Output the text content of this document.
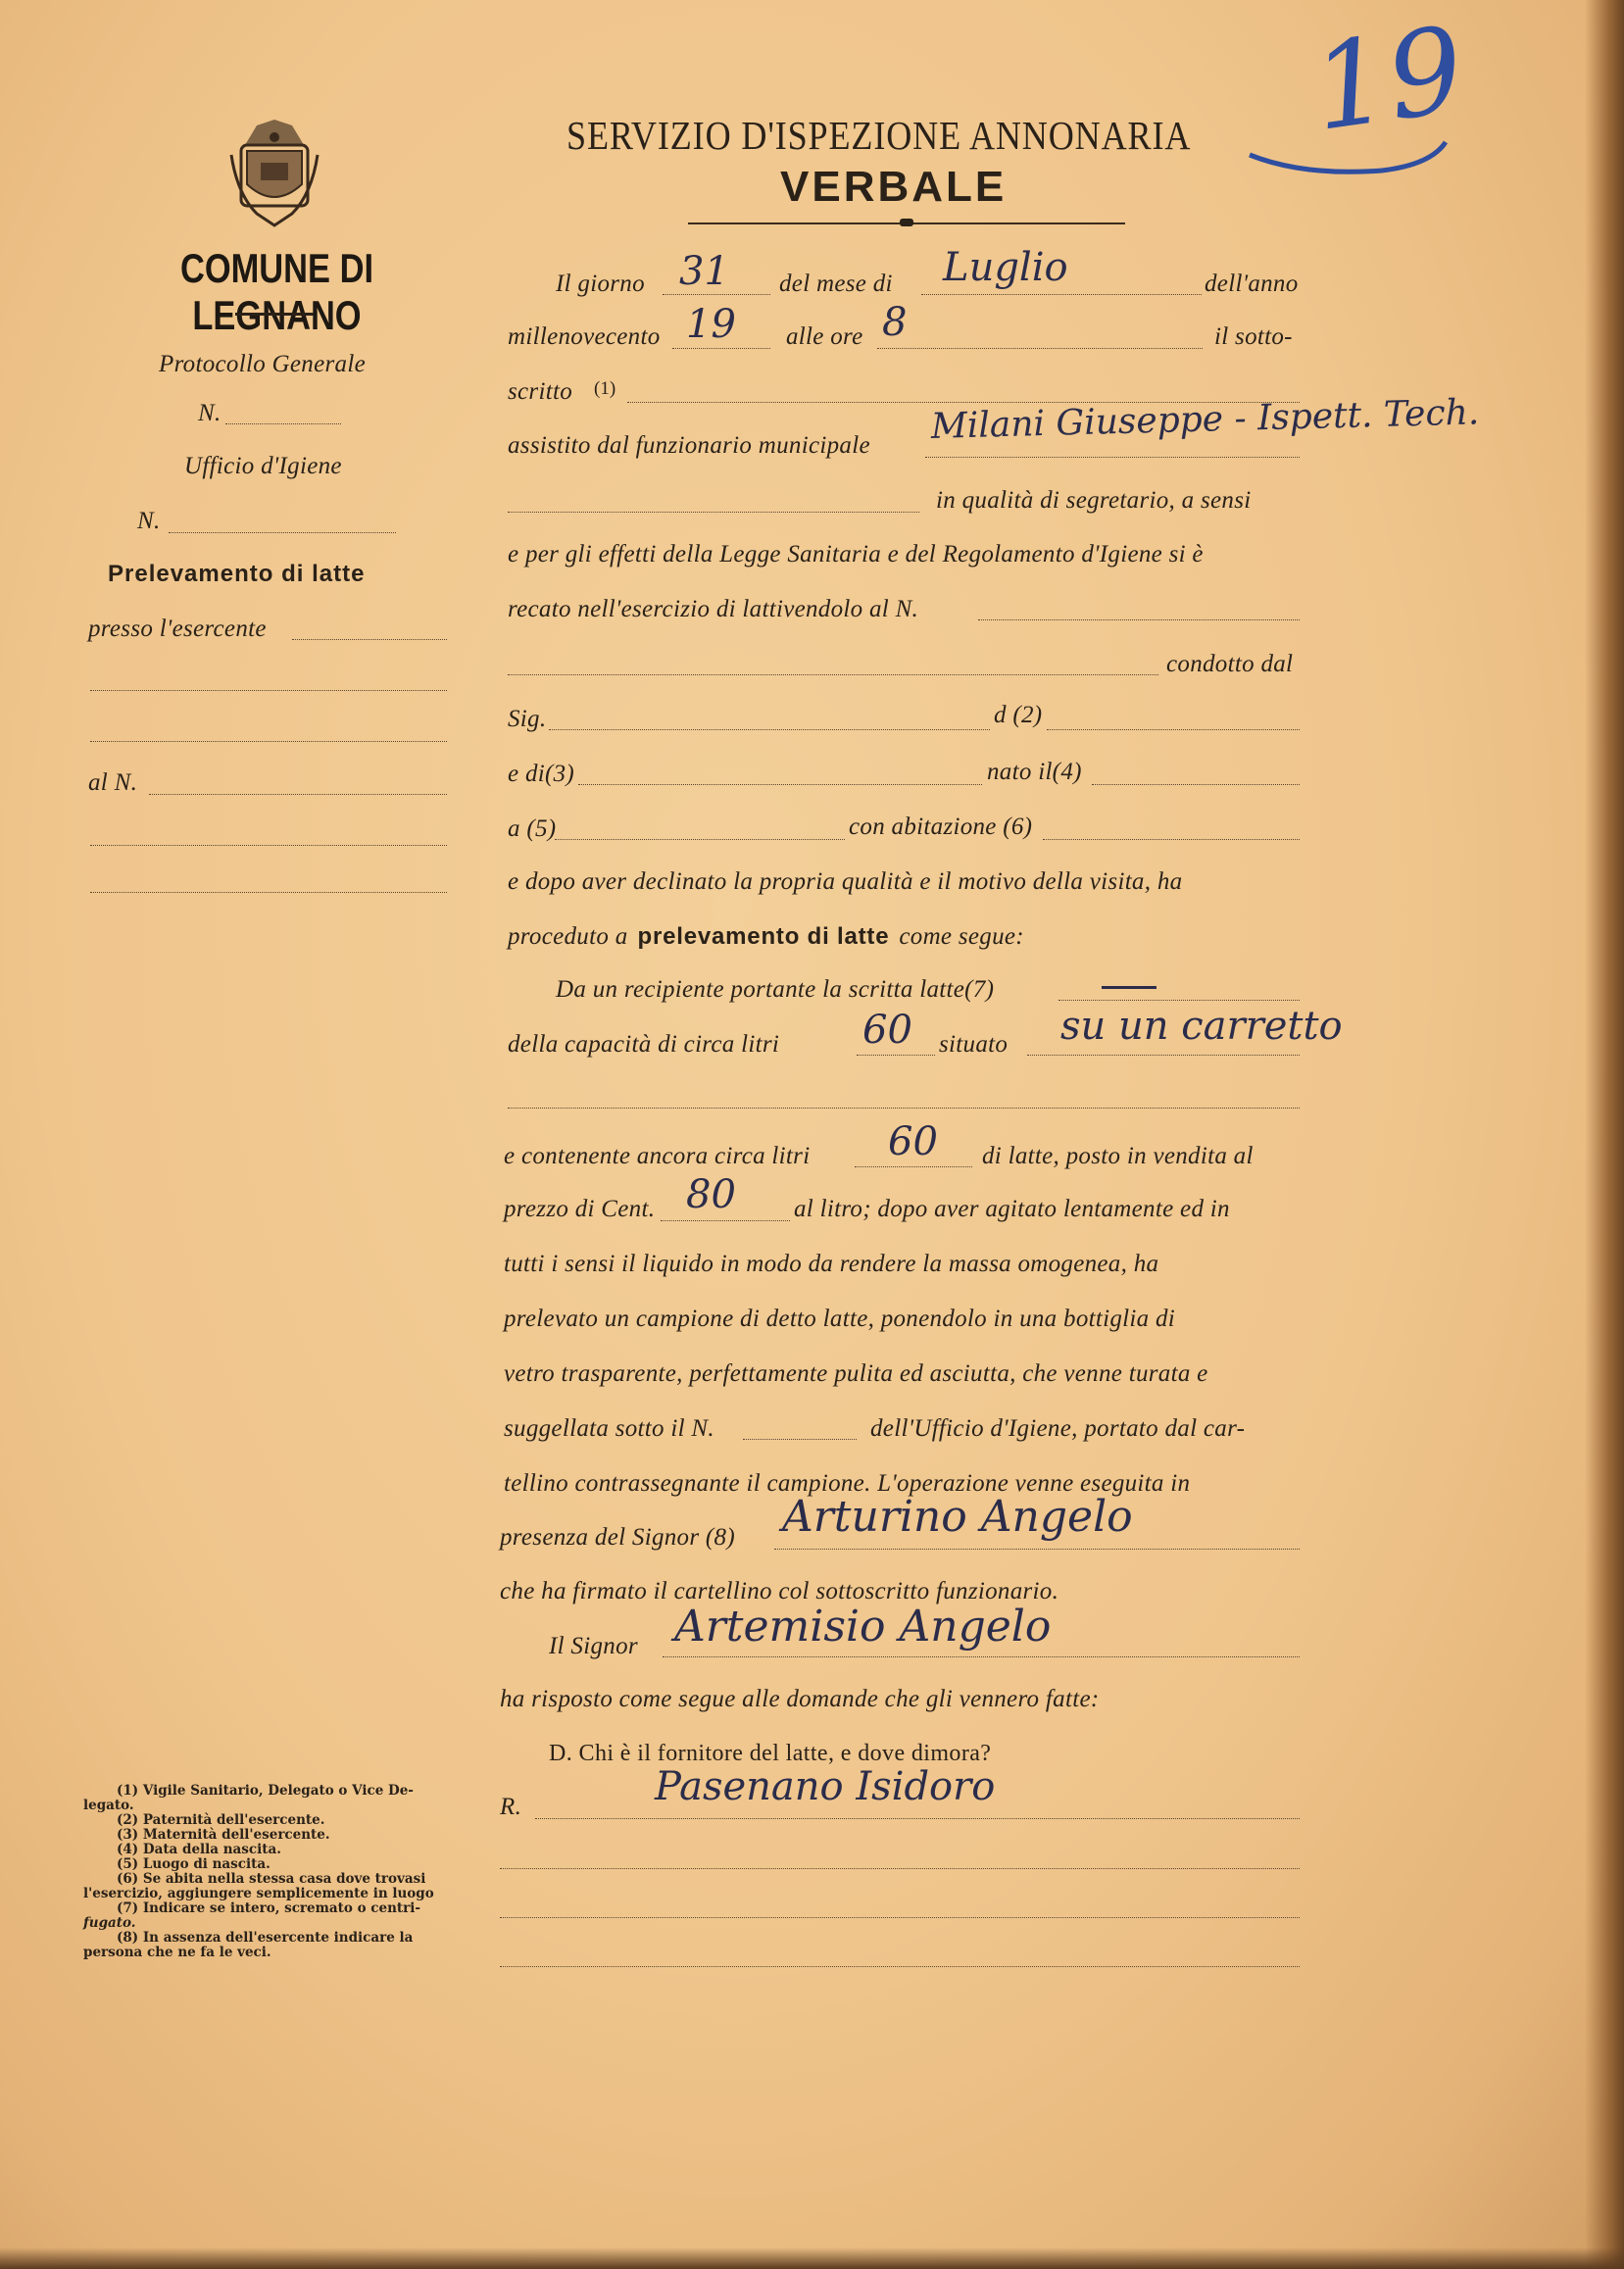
COMUNE DI LEGNANO
Protocollo Generale
N.
Ufficio d'Igiene
N.
Prelevamento di latte
presso l'esercente
al N.
(1) Vigile Sanitario, Delegato o Vice De-
legato.
(2) Paternità dell'esercente.
(3) Maternità dell'esercente.
(4) Data della nascita.
(5) Luogo di nascita.
(6) Se abita nella stessa casa dove trovasi
l'esercizio, aggiungere semplicemente in luogo
(7) Indicare se intero, scremato o centri-
fugato.
(8) In assenza dell'esercente indicare la
persona che ne fa le veci.
SERVIZIO D'ISPEZIONE ANNONARIA
VERBALE
19
Il giorno 31 del mese di Luglio	dell'anno
millenovecento 19 alle ore 8	il sotto-
scritto (1)
assistito dal funzionario municipale Milani Giuseppe - Ispett. Tech.
in qualità di segretario, a sensi
e per gli effetti della Legge Sanitaria e del Regolamento d'Igiene si è
recato nell'esercizio di lattivendolo al N.
condotto dal
Sig.	d (2)
e di(3)	nato il(4)
a (5)	con abitazione (6)
e dopo aver declinato la propria qualità e il motivo della visita, ha
proceduto a prelevamento di latte come segue:
Da un recipiente portante la scritta latte(7)
della capacità di circa litri 60 situato su un carretto
e contenente ancora circa litri 60 di latte, posto in vendita al
prezzo di Cent. 80 al litro; dopo aver agitato lentamente ed in
tutti i sensi il liquido in modo da rendere la massa omogenea, ha
prelevato un campione di detto latte, ponendolo in una bottiglia di
vetro trasparente, perfettamente pulita ed asciutta, che venne turata e
suggellata sotto il N.	dell'Ufficio d'Igiene, portato dal car-
tellino contrassegnante il campione. L'operazione venne eseguita in
presenza del Signor (8) Arturino Angelo
che ha firmato il cartellino col sottoscritto funzionario.
Il Signor Artemisio Angelo
ha risposto come segue alle domande che gli vennero fatte:
D. Chi è il fornitore del latte, e dove dimora?
R.	Pasenano Isidoro
